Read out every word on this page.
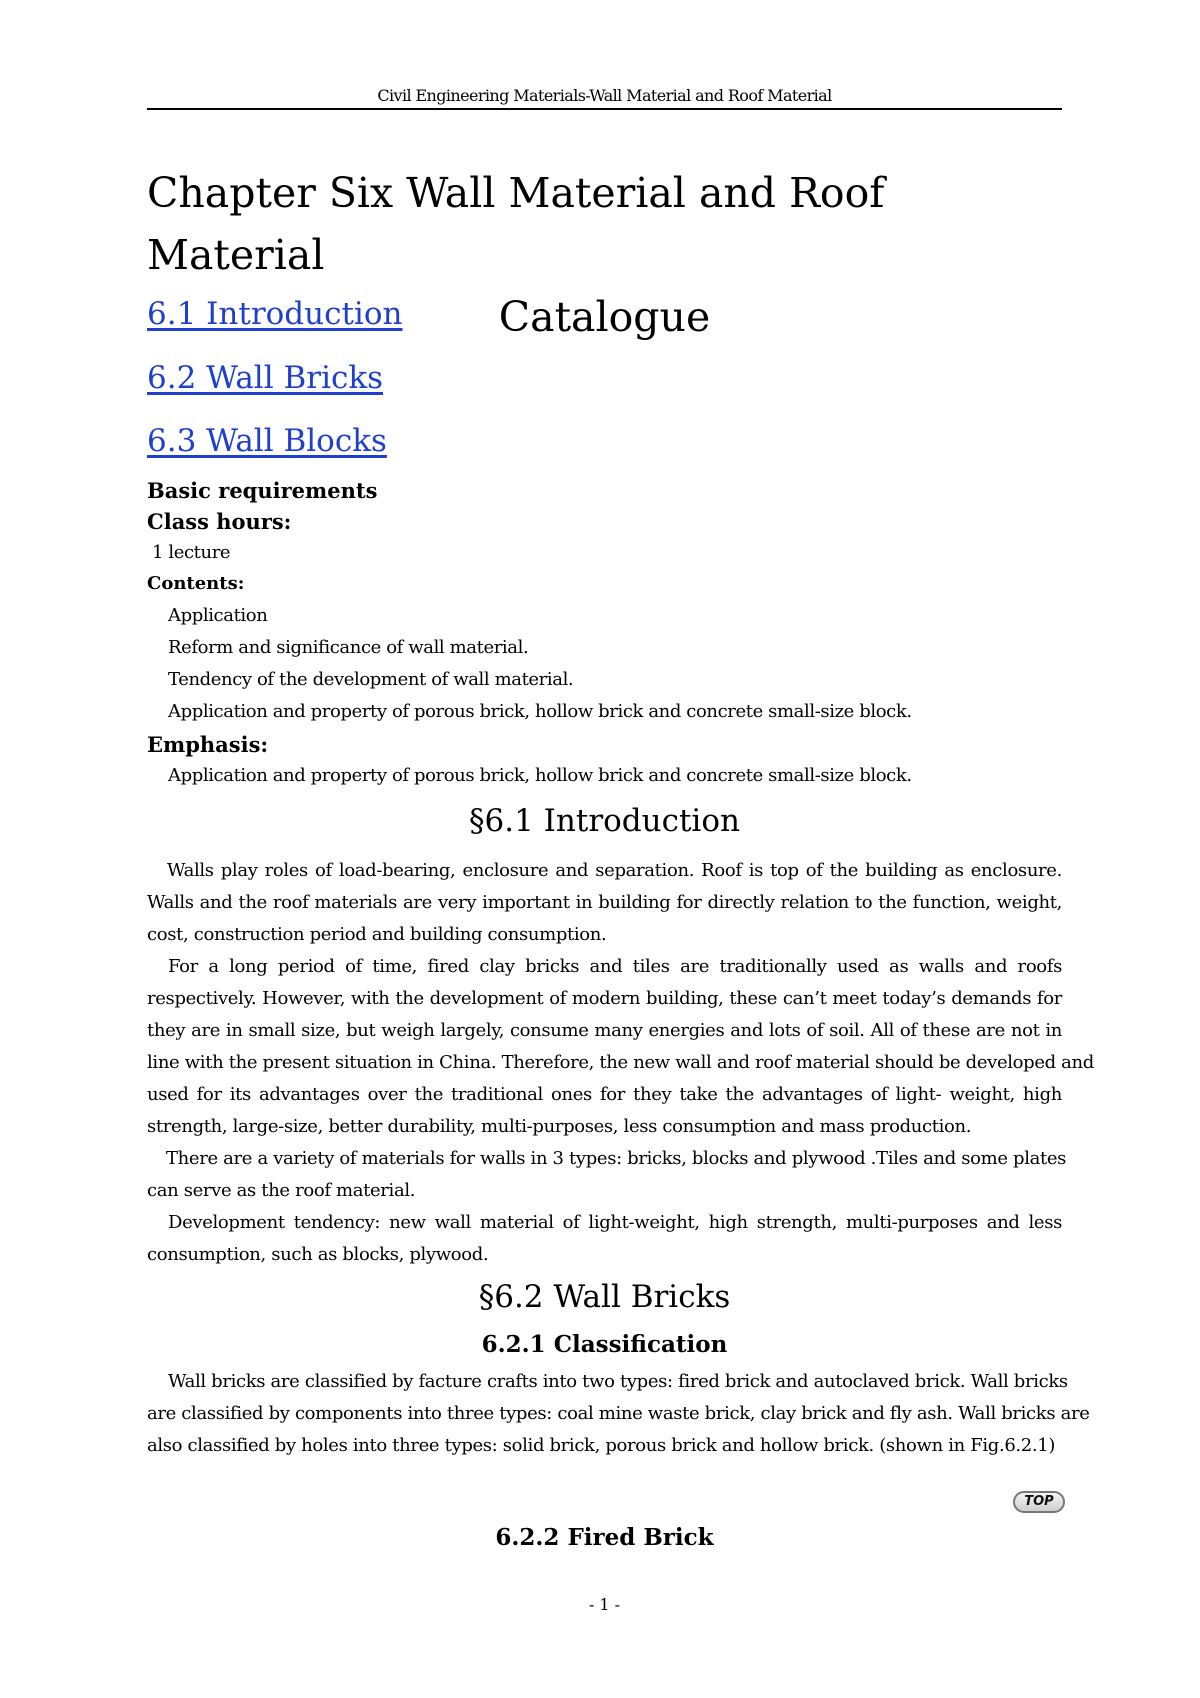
Civil Engineering Materials-Wall Material and Roof Material
Chapter Six Wall Material and Roof Material
Catalogue
6.1 Introduction
6.2 Wall Bricks
6.3 Wall Blocks
Basic requirements
Class hours:
1 lecture
Contents:
Application
Reform and significance of wall material.
Tendency of the development of wall material.
Application and property of porous brick, hollow brick and concrete small-size block.
Emphasis:
Application and property of porous brick, hollow brick and concrete small-size block.
§6.1 Introduction
Walls play roles of load-bearing, enclosure and separation. Roof is top of the building as enclosure.
Walls and the roof materials are very important in building for directly relation to the function, weight,
cost, construction period and building consumption.
For a long period of time, fired clay bricks and tiles are traditionally used as walls and roofs
respectively. However, with the development of modern building, these can’t meet today’s demands for
they are in small size, but weigh largely, consume many energies and lots of soil. All of these are not in
line with the present situation in China. Therefore, the new wall and roof material should be developed and
used for its advantages over the traditional ones for they take the advantages of light- weight, high
strength, large-size, better durability, multi-purposes, less consumption and mass production.
There are a variety of materials for walls in 3 types: bricks, blocks and plywood .Tiles and some plates
can serve as the roof material.
Development tendency: new wall material of light-weight, high strength, multi-purposes and less
consumption, such as blocks, plywood.
§6.2 Wall Bricks
6.2.1 Classification
Wall bricks are classified by facture crafts into two types: fired brick and autoclaved brick. Wall bricks
are classified by components into three types: coal mine waste brick, clay brick and fly ash. Wall bricks are
also classified by holes into three types: solid brick, porous brick and hollow brick. (shown in Fig.6.2.1)
TOP
6.2.2 Fired Brick
- 1 -
